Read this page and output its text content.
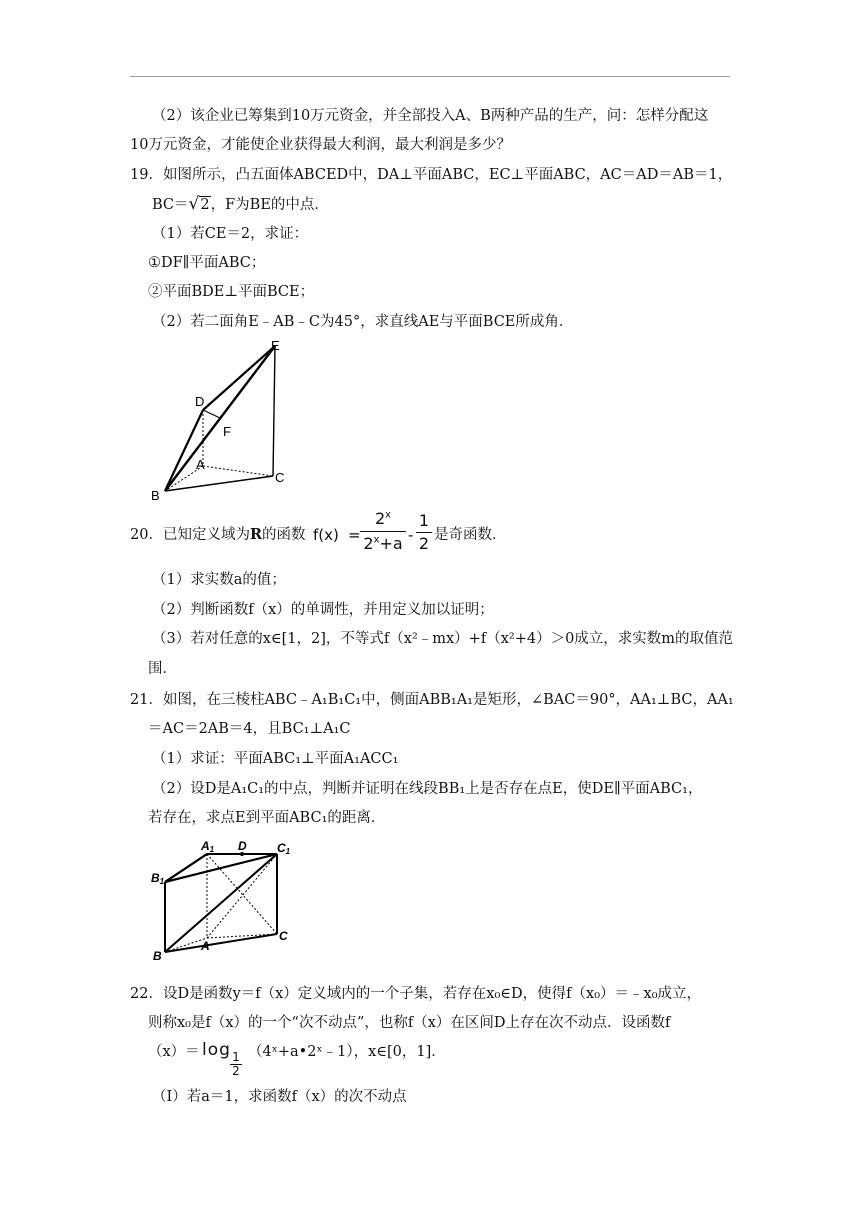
（2）该企业已筹集到10万元资金，并全部投入A、B两种产品的生产，问：怎样分配这
10万元资金，才能使企业获得最大利润，最大利润是多少？
19．如图所示，凸五面体ABCED中，DA⊥平面ABC，EC⊥平面ABC，AC＝AD＝AB＝1，
BC＝√2，F为BE的中点．
（1）若CE＝2，求证：
①DF∥平面ABC；
②平面BDE⊥平面BCE；
（2）若二面角E﹣AB﹣C为45°，求直线AE与平面BCE所成角．
E
D
F
A
B
C
20．已知定义域为R的函数 f(x) =
$2^x$
$2^x+a$ -
1
2 是奇函数．
（1）求实数a的值；
（2）判断函数f（x）的单调性，并用定义加以证明；
（3）若对任意的x∈[1，2]，不等式f（x²﹣mx）+f（x²+4）＞0成立，求实数m的取值范
围．
21．如图，在三棱柱ABC﹣A₁B₁C₁中，侧面ABB₁A₁是矩形，∠BAC＝90°，AA₁⊥BC，AA₁
＝AC＝2AB＝4，且BC₁⊥A₁C
（1）求证：平面ABC₁⊥平面A₁ACC₁
（2）设D是A₁C₁的中点，判断并证明在线段BB₁上是否存在点E，使DE∥平面ABC₁，
若存在，求点E到平面ABC₁的距离．
A1 D	C1
B1
A
C
B
22．设D是函数y＝f（x）定义域内的一个子集，若存在x₀∈D，使得f（x₀）＝﹣x₀成立，
则称x₀是f（x）的一个“次不动点”，也称f（x）在区间D上存在次不动点．设函数f
（x）＝ log 1
2
（4ˣ+a•2ˣ﹣1），x∈[0，1]．
（Ⅰ）若a＝1，求函数f（x）的次不动点
